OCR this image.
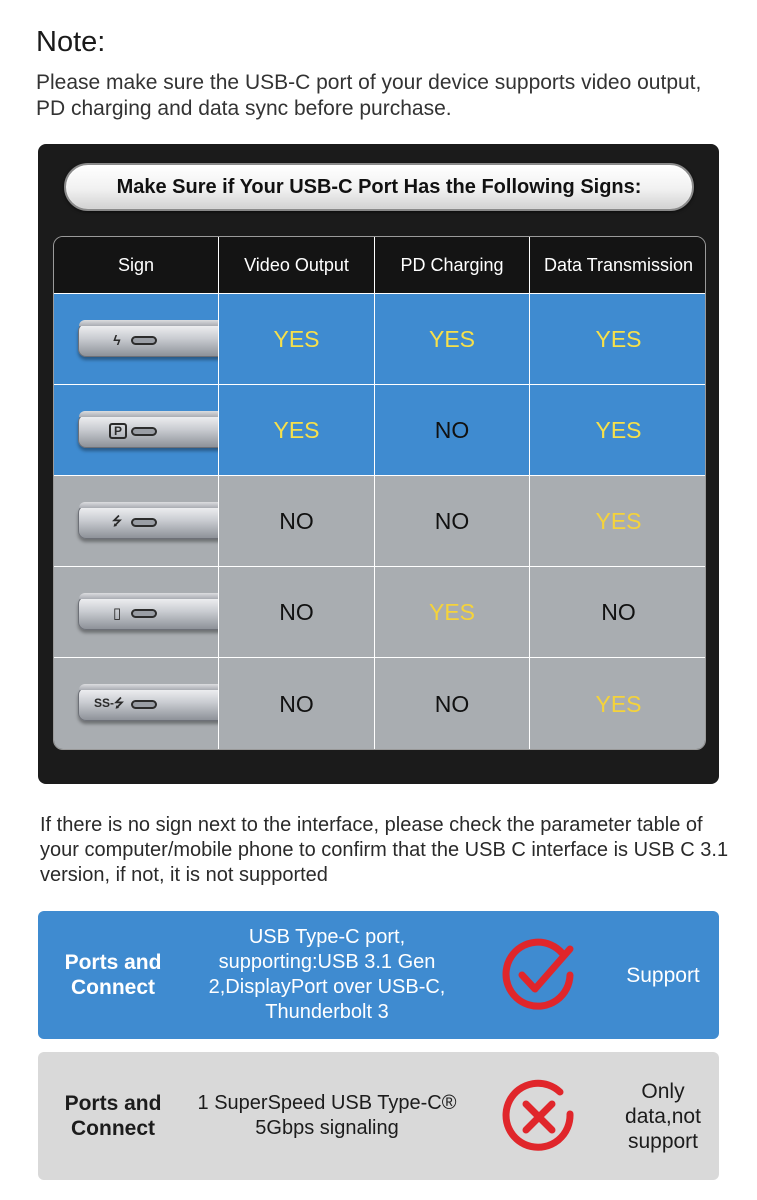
Note:
Please make sure the USB-C port of your device supports video output, PD charging and data sync before purchase.
Make Sure if Your USB-C Port Has the Following Signs:
Sign	Video Output	PD Charging	Data Transmission
ϟ	YES	YES	YES
P	YES	NO	YES
⭍	NO	NO	YES
▯	NO	YES	NO
SS-⭍	NO	NO	YES
If there is no sign next to the interface, please check the parameter table of your computer/mobile phone to confirm that the USB C interface is USB C 3.1 version, if not, it is not supported
Ports and Connect
USB Type-C port, supporting:USB 3.1 Gen 2,DisplayPort over USB-C, Thunderbolt 3
Support
Ports and Connect
1 SuperSpeed USB Type-C® 5Gbps signaling
Only data,not support
